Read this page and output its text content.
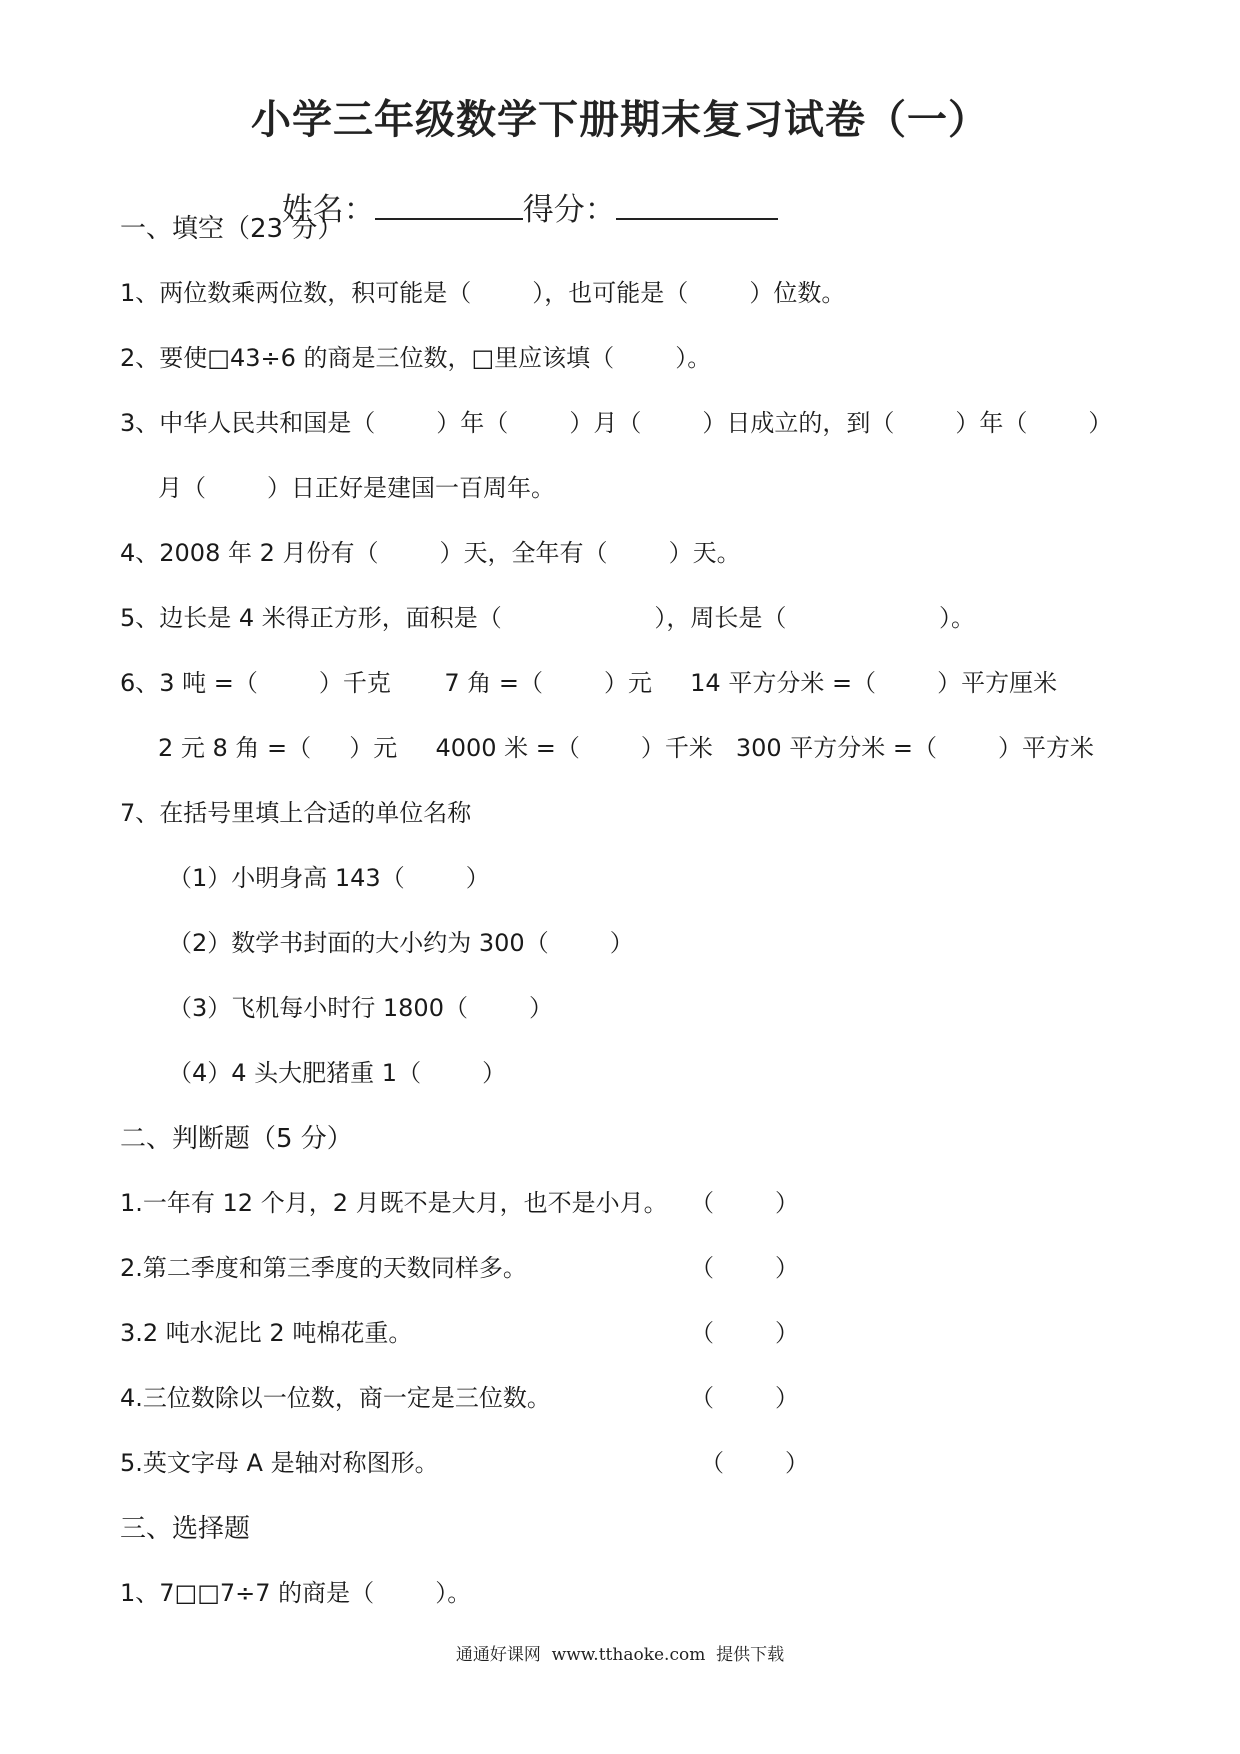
小学三年级数学下册期末复习试卷（一）

姓名：	得分：

一、填空（23 分）
1、两位数乘两位数，积可能是（        ），也可能是（        ）位数。
2、要使□43÷6 的商是三位数，□里应该填（        ）。
3、中华人民共和国是（        ）年（        ）月（        ）日成立的，到（        ）年（        ）
月（        ）日正好是建国一百周年。
4、2008 年 2 月份有（        ）天，全年有（        ）天。
5、边长是 4 米得正方形，面积是（                    ），周长是（                    ）。
6、3 吨 =（        ）千克       7 角 =（        ）元     14 平方分米 =（        ）平方厘米
2 元 8 角 =（     ）元     4000 米 =（        ）千米   300 平方分米 =（        ）平方米
7、在括号里填上合适的单位名称
（1）小明身高 143（        ）
（2）数学书封面的大小约为 300（        ）
（3）飞机每小时行 1800（        ）
（4）4 头大肥猪重 1（        ）
二、判断题（5 分）
1.一年有 12 个月，2 月既不是大月，也不是小月。 （        ）
2.第二季度和第三季度的天数同样多。	（        ）
3.2 吨水泥比 2 吨棉花重。	（        ）
4.三位数除以一位数，商一定是三位数。	（        ）
5.英文字母 A 是轴对称图形。	（        ）
三、选择题
1、7□□7÷7 的商是（        ）。
通通好课网  www.tthaoke.com  提供下载
